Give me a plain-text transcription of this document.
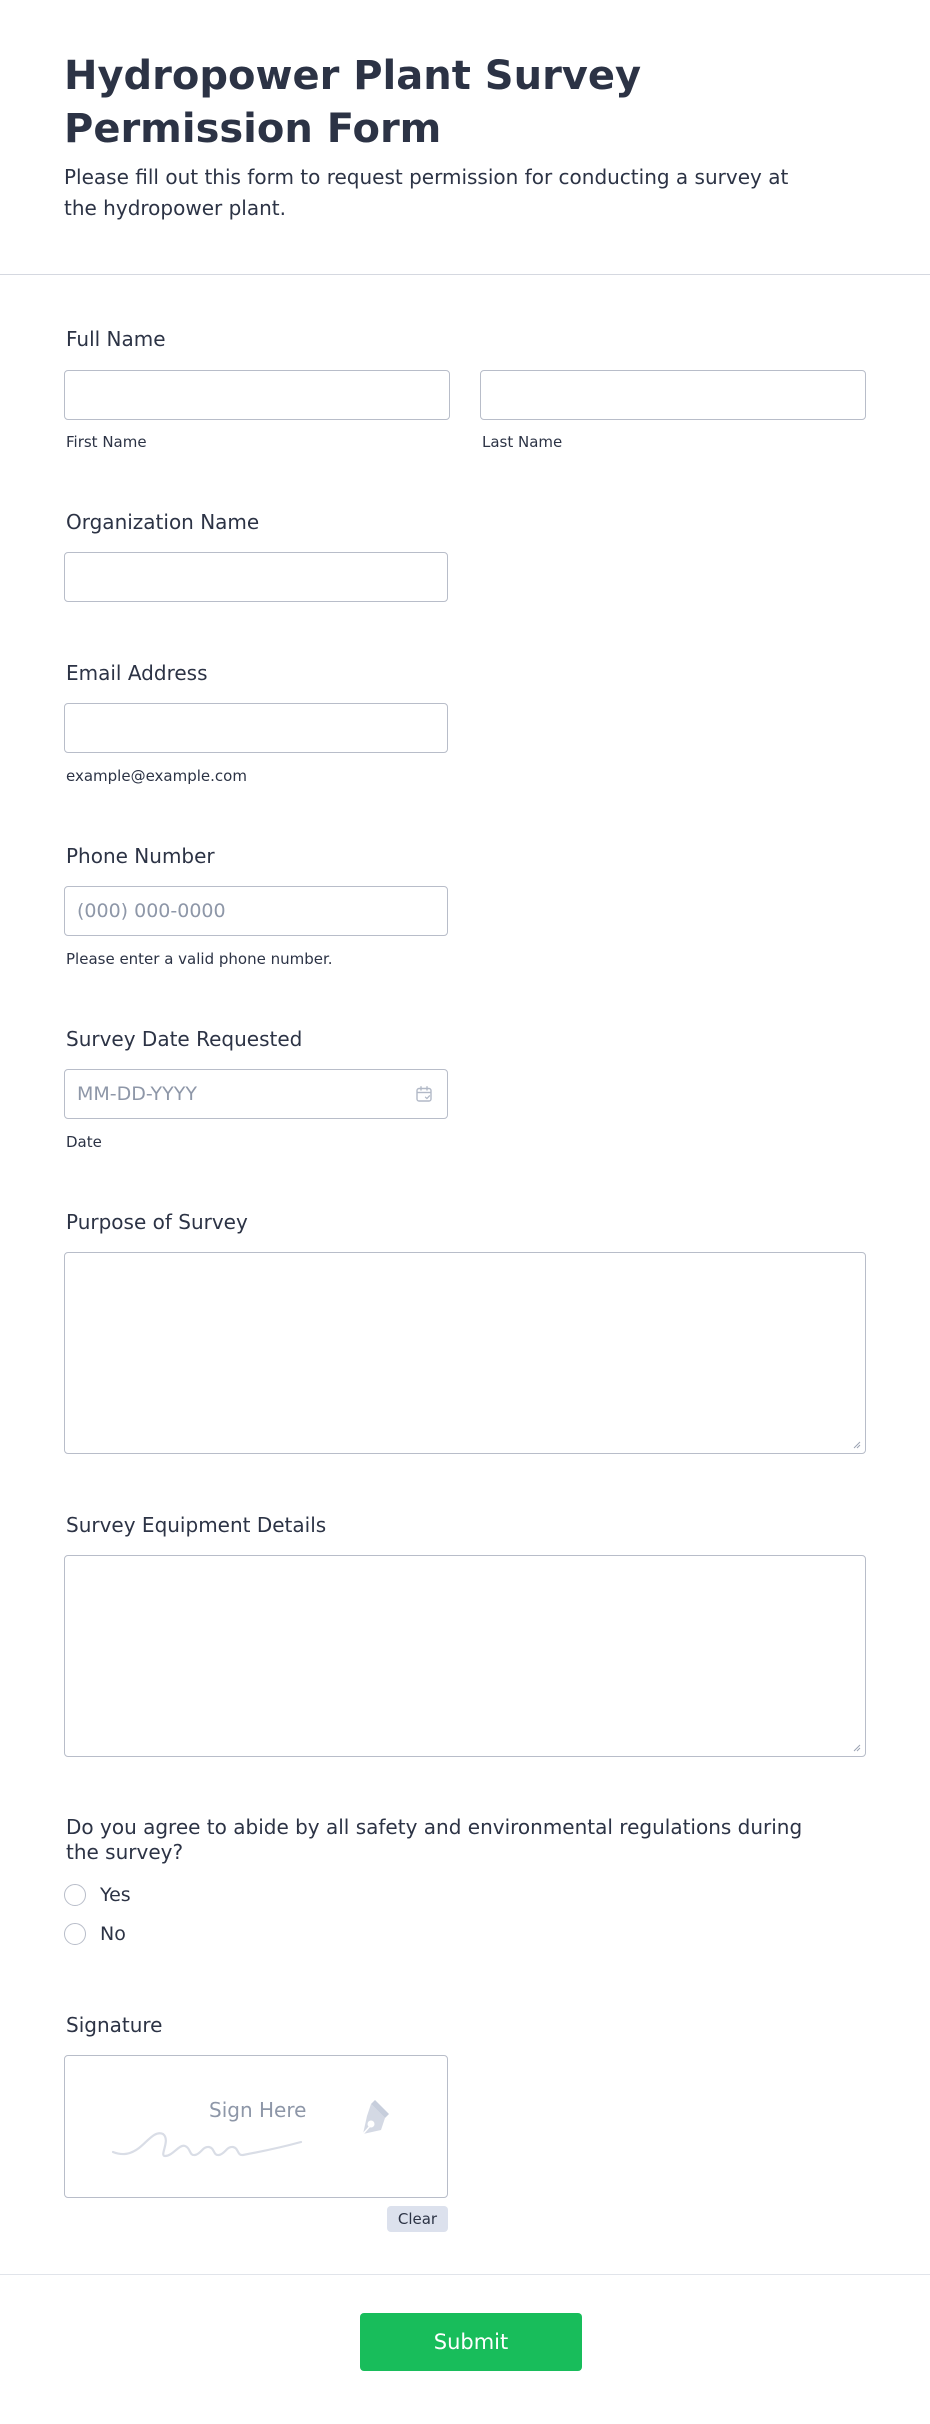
Hydropower Plant Survey Permission Form

Please fill out this form to request permission for conducting a survey at the hydropower plant.

Full Name
First Name	Last Name
Organization Name
Email Address
example@example.com
Phone Number
(000) 000-0000
Please enter a valid phone number.
Survey Date Requested
MM-DD-YYYY
Date
Purpose of Survey
Survey Equipment Details
Do you agree to abide by all safety and environmental regulations during the survey?
Yes
No
Signature
Sign Here
Clear
Submit
